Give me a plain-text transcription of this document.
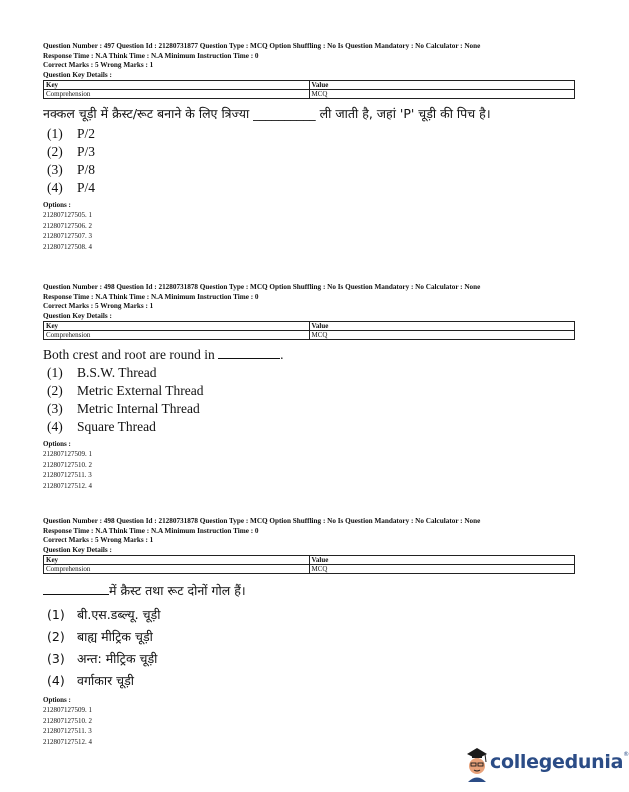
Question Number : 497 Question Id : 21280731877 Question Type : MCQ Option Shuffling : No Is Question Mandatory : No Calculator : None
Response Time : N.A Think Time : N.A Minimum Instruction Time : 0
Correct Marks : 5 Wrong Marks : 1
Question Key Details :
Key	Value
Comprehension	MCQ
नक्कल चूड़ी में क्रैस्ट/रूट बनाने के लिए त्रिज्या __________ ली जाती है, जहां 'P' चूड़ी की पिच है।
(1)	P/2
(2)	P/3
(3)	P/8
(4)	P/4
Options :
212807127505. 1
212807127506. 2
212807127507. 3
212807127508. 4
Question Number : 498 Question Id : 21280731878 Question Type : MCQ Option Shuffling : No Is Question Mandatory : No Calculator : None
Response Time : N.A Think Time : N.A Minimum Instruction Time : 0
Correct Marks : 5 Wrong Marks : 1
Question Key Details :
Key	Value
Comprehension	MCQ
Both crest and root are round in	.
(1)	B.S.W. Thread
(2)	Metric External Thread
(3)	Metric Internal Thread
(4)	Square Thread
Options :
212807127509. 1
212807127510. 2
212807127511. 3
212807127512. 4
Question Number : 498 Question Id : 21280731878 Question Type : MCQ Option Shuffling : No Is Question Mandatory : No Calculator : None
Response Time : N.A Think Time : N.A Minimum Instruction Time : 0
Correct Marks : 5 Wrong Marks : 1
Question Key Details :
Key	Value
Comprehension	MCQ
में क्रैस्ट तथा रूट दोनों गोल हैं।
(1) बी.एस.डब्ल्यू. चूड़ी
(2) बाह्य मीट्रिक चूड़ी
(3) अन्त: मीट्रिक चूड़ी
(4) वर्गाकार चूड़ी
Options :
212807127509. 1
212807127510. 2
212807127511. 3
212807127512. 4
collegedunia®
